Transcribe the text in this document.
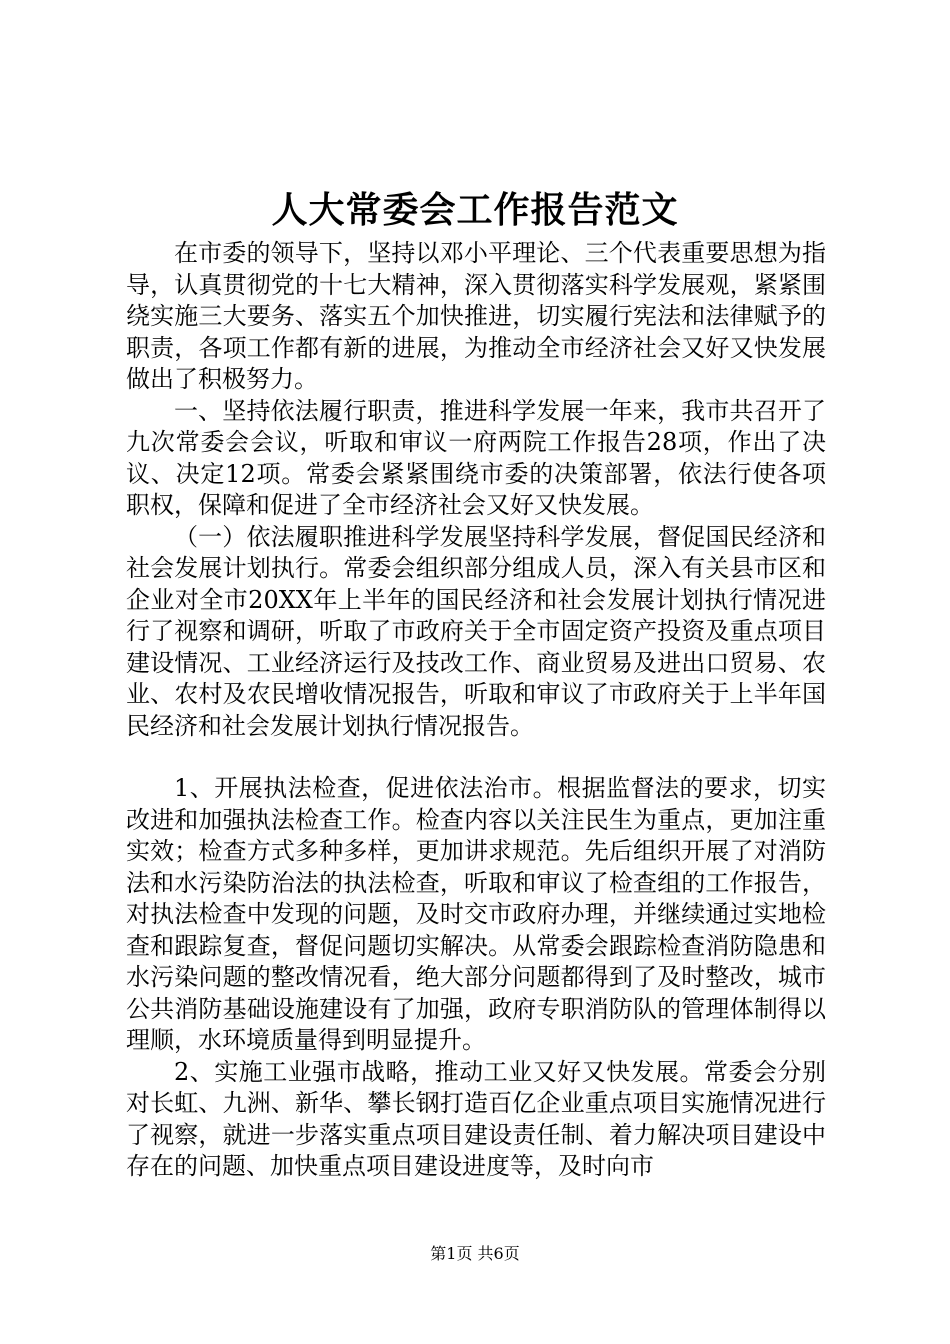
人大常委会工作报告范文

在市委的领导下，坚持以邓小平理论、三个代表重要思想为指导，认真贯彻党的十七大精神，深入贯彻落实科学发展观，紧紧围绕实施三大要务、落实五个加快推进，切实履行宪法和法律赋予的职责，各项工作都有新的进展，为推动全市经济社会又好又快发展做出了积极努力。

一、坚持依法履行职责，推进科学发展一年来，我市共召开了九次常委会会议，听取和审议一府两院工作报告28项，作出了决议、决定12项。常委会紧紧围绕市委的决策部署，依法行使各项职权，保障和促进了全市经济社会又好又快发展。

（一）依法履职推进科学发展坚持科学发展，督促国民经济和社会发展计划执行。常委会组织部分组成人员，深入有关县市区和企业对全市20XX年上半年的国民经济和社会发展计划执行情况进行了视察和调研，听取了市政府关于全市固定资产投资及重点项目建设情况、工业经济运行及技改工作、商业贸易及进出口贸易、农业、农村及农民增收情况报告，听取和审议了市政府关于上半年国民经济和社会发展计划执行情况报告。

1、开展执法检查，促进依法治市。根据监督法的要求，切实改进和加强执法检查工作。检查内容以关注民生为重点，更加注重实效；检查方式多种多样，更加讲求规范。先后组织开展了对消防法和水污染防治法的执法检查，听取和审议了检查组的工作报告，对执法检查中发现的问题，及时交市政府办理，并继续通过实地检查和跟踪复查，督促问题切实解决。从常委会跟踪检查消防隐患和水污染问题的整改情况看，绝大部分问题都得到了及时整改，城市公共消防基础设施建设有了加强，政府专职消防队的管理体制得以理顺，水环境质量得到明显提升。

2、实施工业强市战略，推动工业又好又快发展。常委会分别对长虹、九洲、新华、攀长钢打造百亿企业重点项目实施情况进行了视察，就进一步落实重点项目建设责任制、着力解决项目建设中存在的问题、加快重点项目建设进度等，及时向市

第1页 共6页
